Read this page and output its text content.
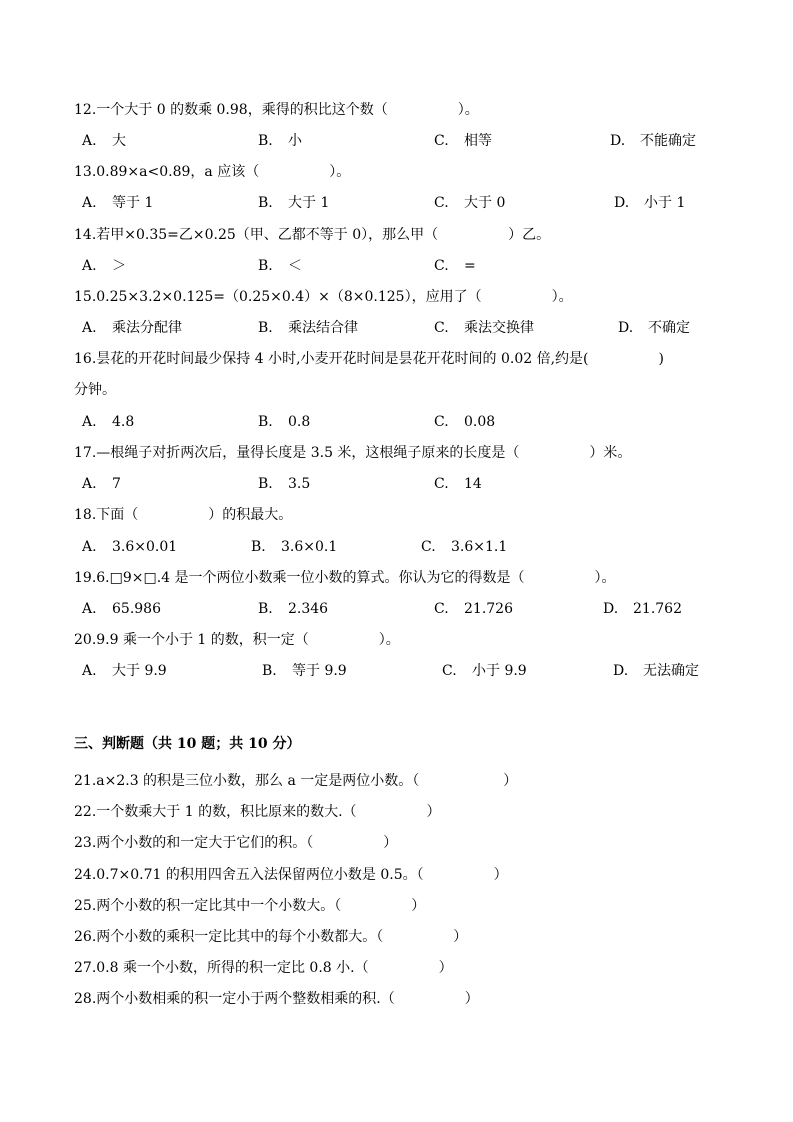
12.一个大于 0 的数乘 0.98，乘得的积比这个数（　　　　　）。
A. 大	B. 小	C. 相等	D. 不能确定
13.0.89×a<0.89，a 应该（　　　　　）。
A. 等于 1	B. 大于 1	C. 大于 0	D. 小于 1
14.若甲×0.35=乙×0.25（甲、乙都不等于 0），那么甲（　　　　　）乙。
A. ＞	B. ＜	C. =
15.0.25×3.2×0.125=（0.25×0.4）×（8×0.125），应用了（　　　　　）。
A. 乘法分配律	B. 乘法结合律	C. 乘法交换律	D. 不确定
16.昙花的开花时间最少保持 4 小时,小麦开花时间是昙花开花时间的 0.02 倍,约是(　　　　　)
分钟。
A. 4.8	B. 0.8	C. 0.08
17.—根绳子对折两次后，量得长度是 3.5 米，这根绳子原来的长度是（　　　　　）米。
A. 7	B. 3.5	C. 14
18.下面（　　　　　）的积最大。
A. 3.6×0.01	B. 3.6×0.1	C. 3.6×1.1
19.6.□9×□.4 是一个两位小数乘一位小数的算式。你认为它的得数是（　　　　　）。
A. 65.986	B. 2.346	C. 21.726	D. 21.762
20.9.9 乘一个小于 1 的数，积一定（　　　　　）。
A. 大于 9.9	B. 等于 9.9	C. 小于 9.9	D. 无法确定
三、判断题（共 10 题；共 10 分）
21.a×2.3 的积是三位小数，那么 a 一定是两位小数。（　　　　　　）
22.一个数乘大于 1 的数，积比原来的数大.（　　　　　）
23.两个小数的和一定大于它们的积。（　　　　　）
24.0.7×0.71 的积用四舍五入法保留两位小数是 0.5。（　　　　　）
25.两个小数的积一定比其中一个小数大。（　　　　　）
26.两个小数的乘积一定比其中的每个小数都大。（　　　　　）
27.0.8 乘一个小数，所得的积一定比 0.8 小.（　　　　　）
28.两个小数相乘的积一定小于两个整数相乘的积.（　　　　　）
